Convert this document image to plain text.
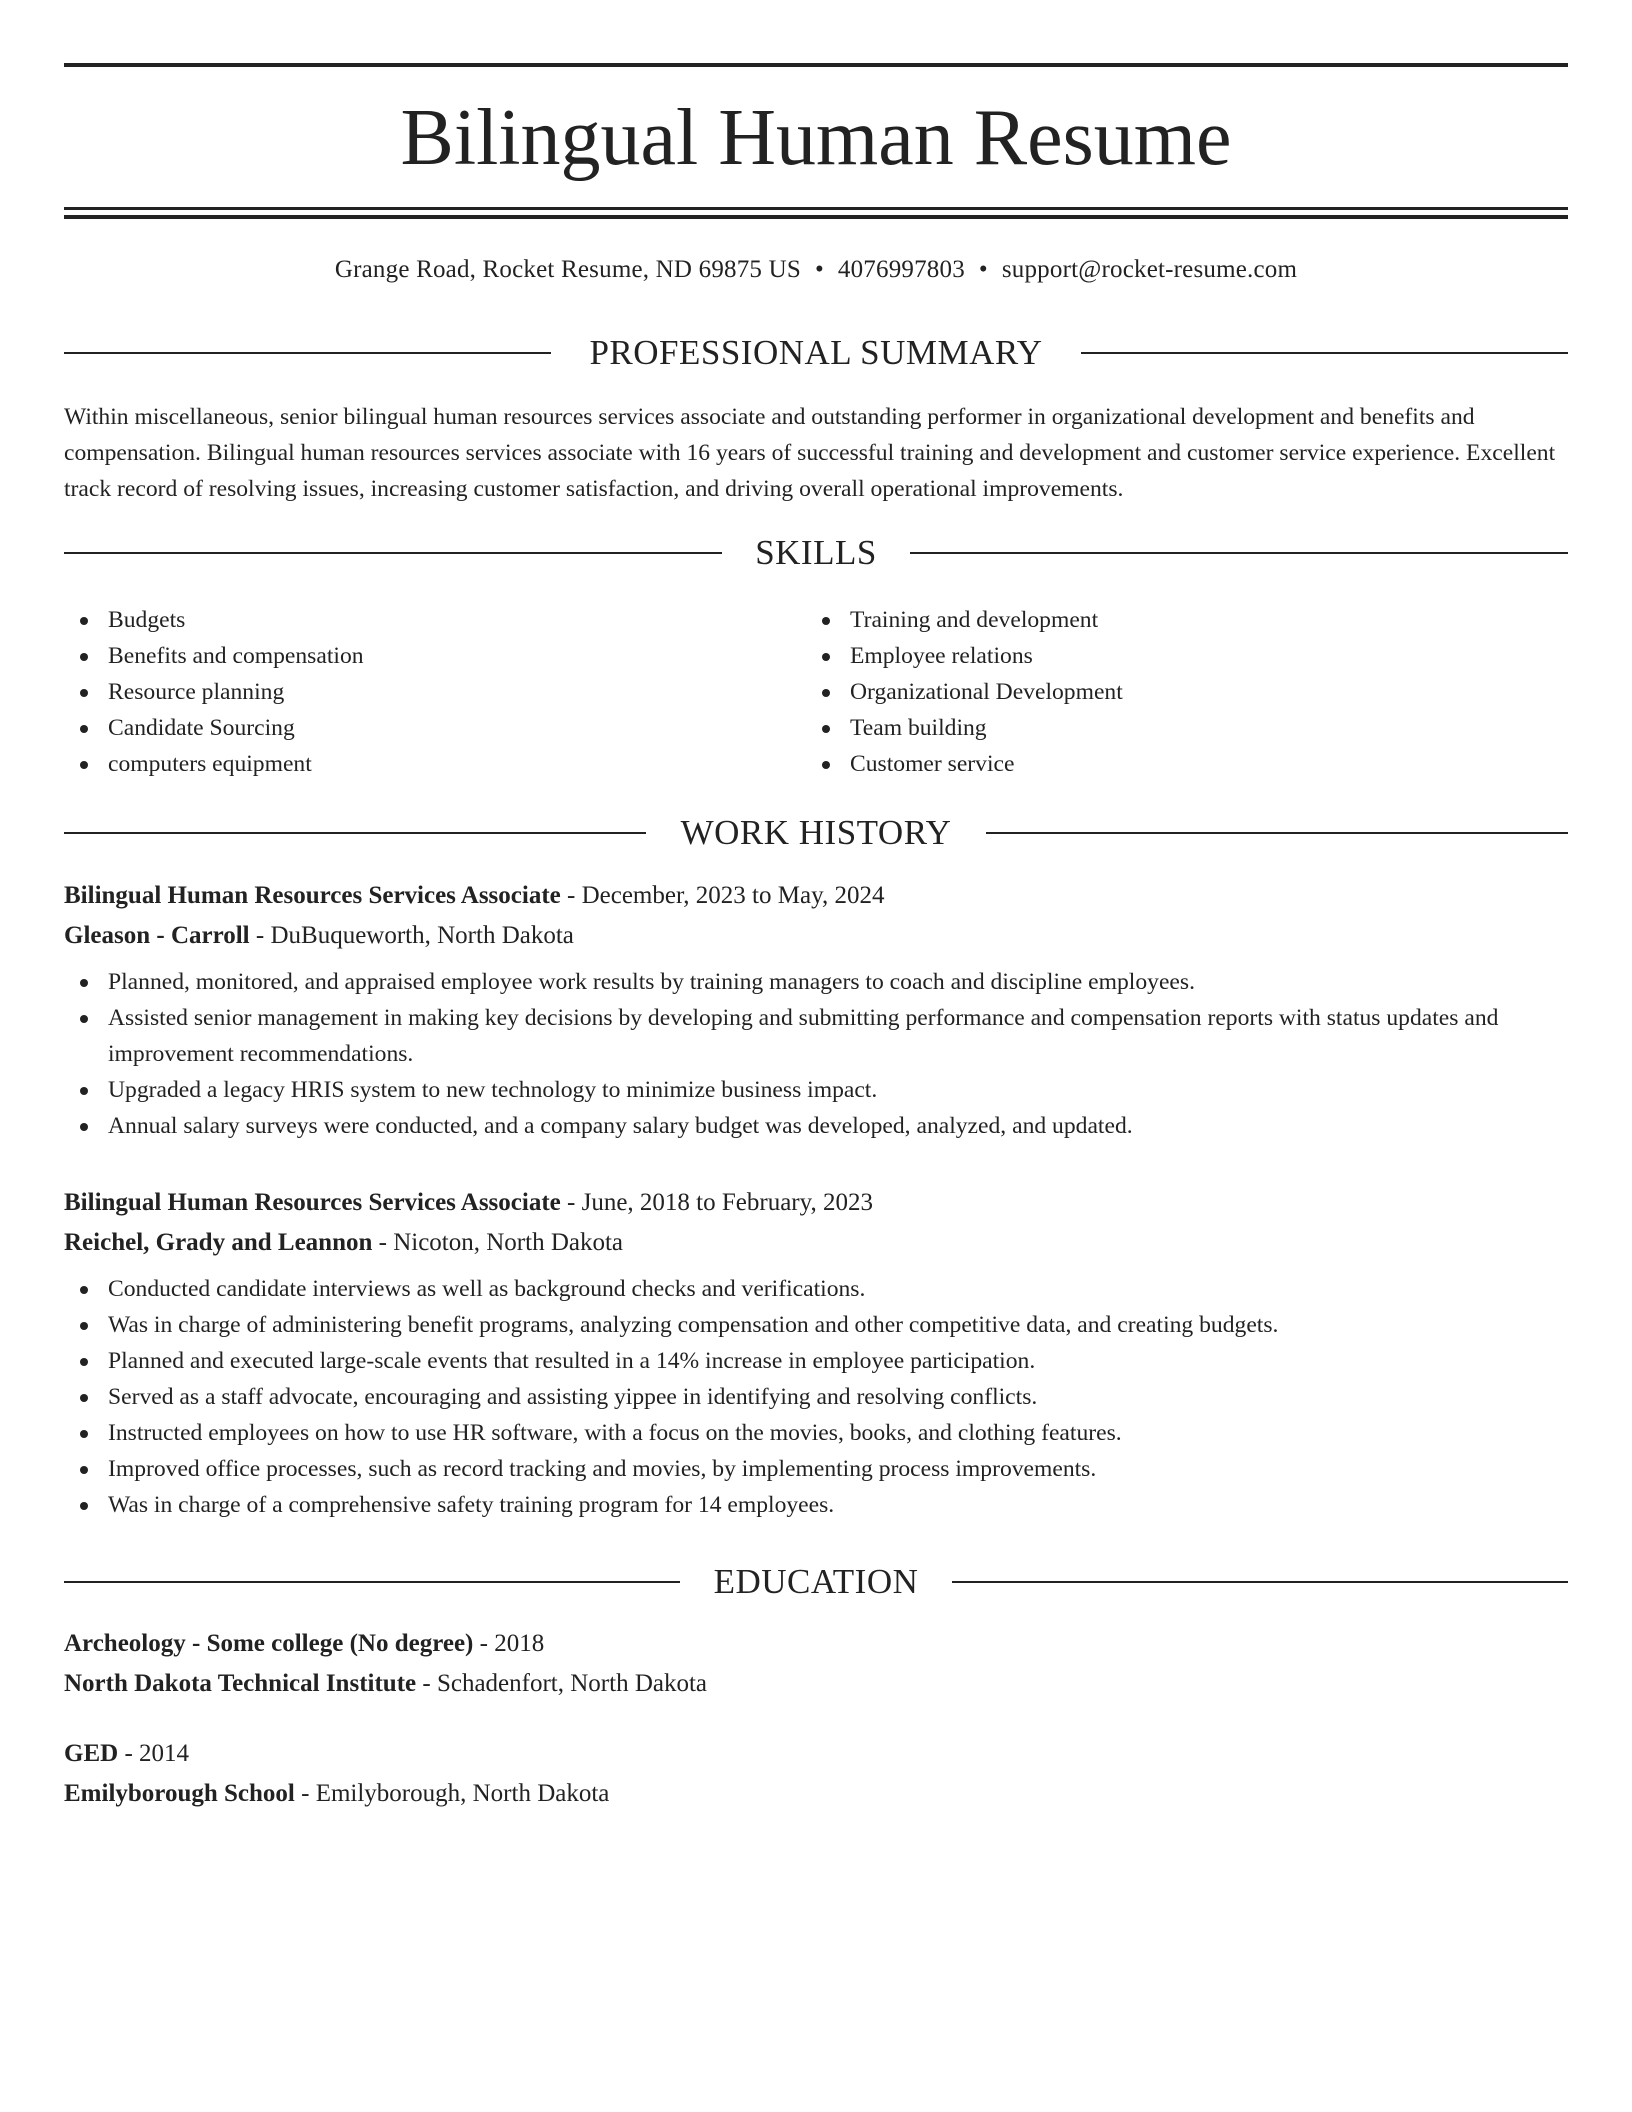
Bilingual Human Resume
Grange Road, Rocket Resume, ND 69875 US • 4076997803 • support@rocket-resume.com
PROFESSIONAL SUMMARY

Within miscellaneous, senior bilingual human resources services associate and outstanding performer in organizational development and benefits and compensation. Bilingual human resources services associate with 16 years of successful training and development and customer service experience. Excellent track record of resolving issues, increasing customer satisfaction, and driving overall operational improvements.

SKILLS
Budgets
Benefits and compensation
Resource planning
Candidate Sourcing
computers equipment
Training and development
Employee relations
Organizational Development
Team building
Customer service
WORK HISTORY
Bilingual Human Resources Services Associate - December, 2023 to May, 2024
Gleason - Carroll - DuBuqueworth, North Dakota
Planned, monitored, and appraised employee work results by training managers to coach and discipline employees.
Assisted senior management in making key decisions by developing and submitting performance and compensation reports with status updates and improvement recommendations.
Upgraded a legacy HRIS system to new technology to minimize business impact.
Annual salary surveys were conducted, and a company salary budget was developed, analyzed, and updated.
Bilingual Human Resources Services Associate - June, 2018 to February, 2023
Reichel, Grady and Leannon - Nicoton, North Dakota
Conducted candidate interviews as well as background checks and verifications.
Was in charge of administering benefit programs, analyzing compensation and other competitive data, and creating budgets.
Planned and executed large-scale events that resulted in a 14% increase in employee participation.
Served as a staff advocate, encouraging and assisting yippee in identifying and resolving conflicts.
Instructed employees on how to use HR software, with a focus on the movies, books, and clothing features.
Improved office processes, such as record tracking and movies, by implementing process improvements.
Was in charge of a comprehensive safety training program for 14 employees.
EDUCATION
Archeology - Some college (No degree) - 2018
North Dakota Technical Institute - Schadenfort, North Dakota
GED - 2014
Emilyborough School - Emilyborough, North Dakota
